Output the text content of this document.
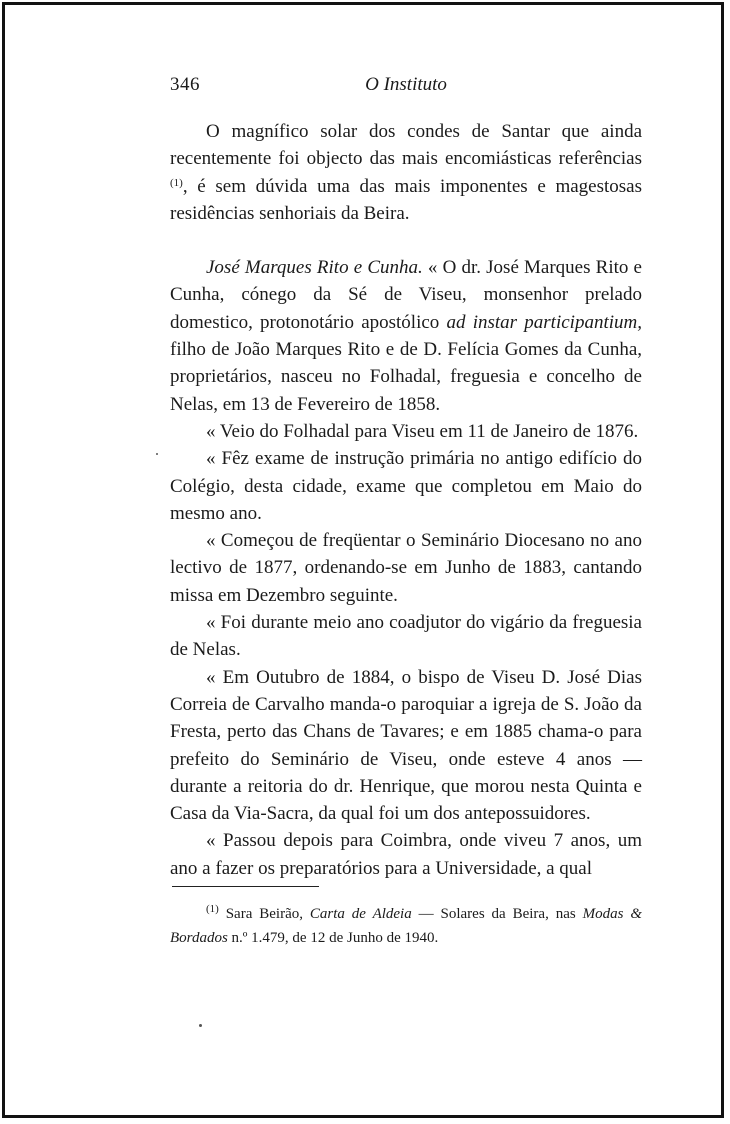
346	O Instituto

O magnífico solar dos condes de Santar que ainda recentemente foi objecto das mais encomiásticas referências $^{(1)}$, é sem dúvida uma das mais imponentes e magestosas residências senhoriais da Beira.

José Marques Rito e Cunha. « O dr. José Marques Rito e Cunha, cónego da Sé de Viseu, monsenhor prelado domestico, protonotário apostólico ad instar participantium, filho de João Marques Rito e de D. Felícia Gomes da Cunha, proprietários, nasceu no Folhadal, freguesia e concelho de Nelas, em 13 de Fevereiro de 1858.

« Veio do Folhadal para Viseu em 11 de Janeiro de 1876.

« Fêz exame de instrução primária no antigo edifício do Colégio, desta cidade, exame que completou em Maio do mesmo ano.

« Começou de freqüentar o Seminário Diocesano no ano lectivo de 1877, ordenando-se em Junho de 1883, cantando missa em Dezembro seguinte.

« Foi durante meio ano coadjutor do vigário da freguesia de Nelas.

« Em Outubro de 1884, o bispo de Viseu D. José Dias Correia de Carvalho manda-o paroquiar a igreja de S. João da Fresta, perto das Chans de Tavares; e em 1885 chama-o para prefeito do Seminário de Viseu, onde esteve 4 anos — durante a reitoria do dr. Henrique, que morou nesta Quinta e Casa da Via-Sacra, da qual foi um dos antepossuidores.

« Passou depois para Coimbra, onde viveu 7 anos, um ano a fazer os preparatórios para a Universidade, a qual

$^{(1)}$ Sara Beirão, Carta de Aldeia — Solares da Beira, nas Modas & Bordados n.º 1.479, de 12 de Junho de 1940.
